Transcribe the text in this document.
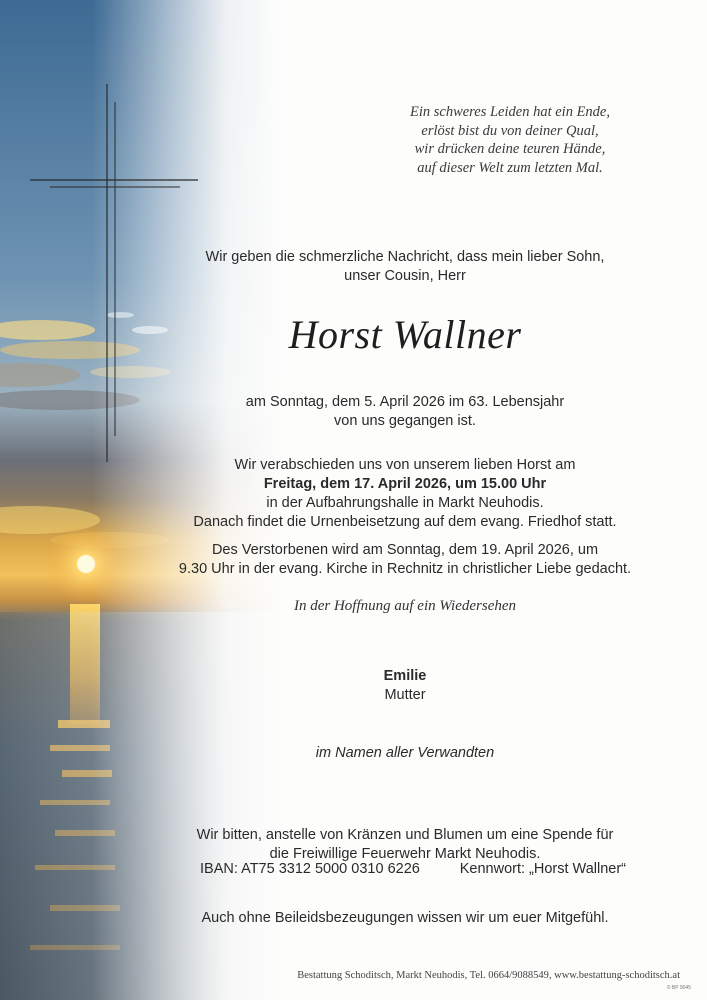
Ein schweres Leiden hat ein Ende,
erlöst bist du von deiner Qual,
wir drücken deine teuren Hände,
auf dieser Welt zum letzten Mal.
Wir geben die schmerzliche Nachricht, dass mein lieber Sohn,
unser Cousin, Herr
Horst Wallner
am Sonntag, dem 5. April 2026 im 63. Lebensjahr
von uns gegangen ist.
Wir verabschieden uns von unserem lieben Horst am
Freitag, dem 17. April 2026, um 15.00 Uhr
in der Aufbahrungshalle in Markt Neuhodis.
Danach findet die Urnenbeisetzung auf dem evang. Friedhof statt.
Des Verstorbenen wird am Sonntag, dem 19. April 2026, um
9.30 Uhr in der evang. Kirche in Rechnitz in christlicher Liebe gedacht.
In der Hoffnung auf ein Wiedersehen
Emilie
Mutter
im Namen aller Verwandten
Wir bitten, anstelle von Kränzen und Blumen um eine Spende für
die Freiwillige Feuerwehr Markt Neuhodis.
IBAN: AT75 3312 5000 0310 6226	Kennwort: „Horst Wallner“
Auch ohne Beileidsbezeugungen wissen wir um euer Mitgefühl.
Bestattung Schoditsch, Markt Neuhodis, Tel. 0664/9088549, www.bestattung-schoditsch.at
© BP 9045
